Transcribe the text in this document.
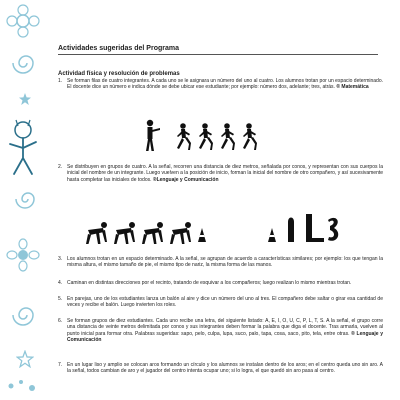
Actividades sugeridas del Programa
Actividad física y resolución de problemas
1. Se forman filas de cuatro integrantes. A cada uno se le asignara un número del uno al cuatro. Los alumnos trotan por un espacio determinado. El docente dice un número e indica dónde se debe ubicar ese estudiante; por ejemplo: número dos, adelante; tres, atrás. ® Matemática
2. Se distribuyen en grupos de cuatro. A la señal, recorren una distancia de diez metros, señalada por conos, y representan con sus cuerpos la inicial del nombre de un integrante. Luego vuelven a la posición de inicio, forman la inicial del nombre de otro compañero, y así sucesivamente hasta completar las iniciales de todos. ®Lenguaje y Comunicación
3. Los alumnos trotan en un espacio determinado. A la señal, se agrupan de acuerdo a características similares; por ejemplo: los que tengan la misma altura, el mismo tamaño de pie, el mismo tipo de nariz, la misma forma de las manos.
4. Caminan en distintas direcciones por el recinto, tratando de esquivar a los compañeros; luego realizan lo mismo mientras trotan.
5. En parejas, uno de los estudiantes lanza un balón al aire y dice un número del uno al tres. El compañero debe saltar o girar esa cantidad de veces y recibe el balón. Luego invierten los roles.
6. Se forman grupos de diez estudiantes. Cada uno recibe una letra, del siguiente listado: A, E, I, O, U, C, P, L, T, S. A la señal, el grupo corre una distancia de veinte metros delimitada por conos y sus integrantes deben formar la palabra que diga el docente. Tras armarla, vuelven al punto inicial para formar otra. Palabras sugeridas: sapo, pelo, culpa, lupa, suco, palo, tapa, cosa, saco, pito, tela, entre otras. ® Lenguaje y Comunicación
7. En un lugar liso y amplio se colocan aros formando un círculo y los alumnos se instalan dentro de los aros; en el centro queda uno sin aro. A la señal, todos cambian de aro y el jugador del centro intenta ocupar uno; si lo logra, el que quedó sin aro pasa al centro.
